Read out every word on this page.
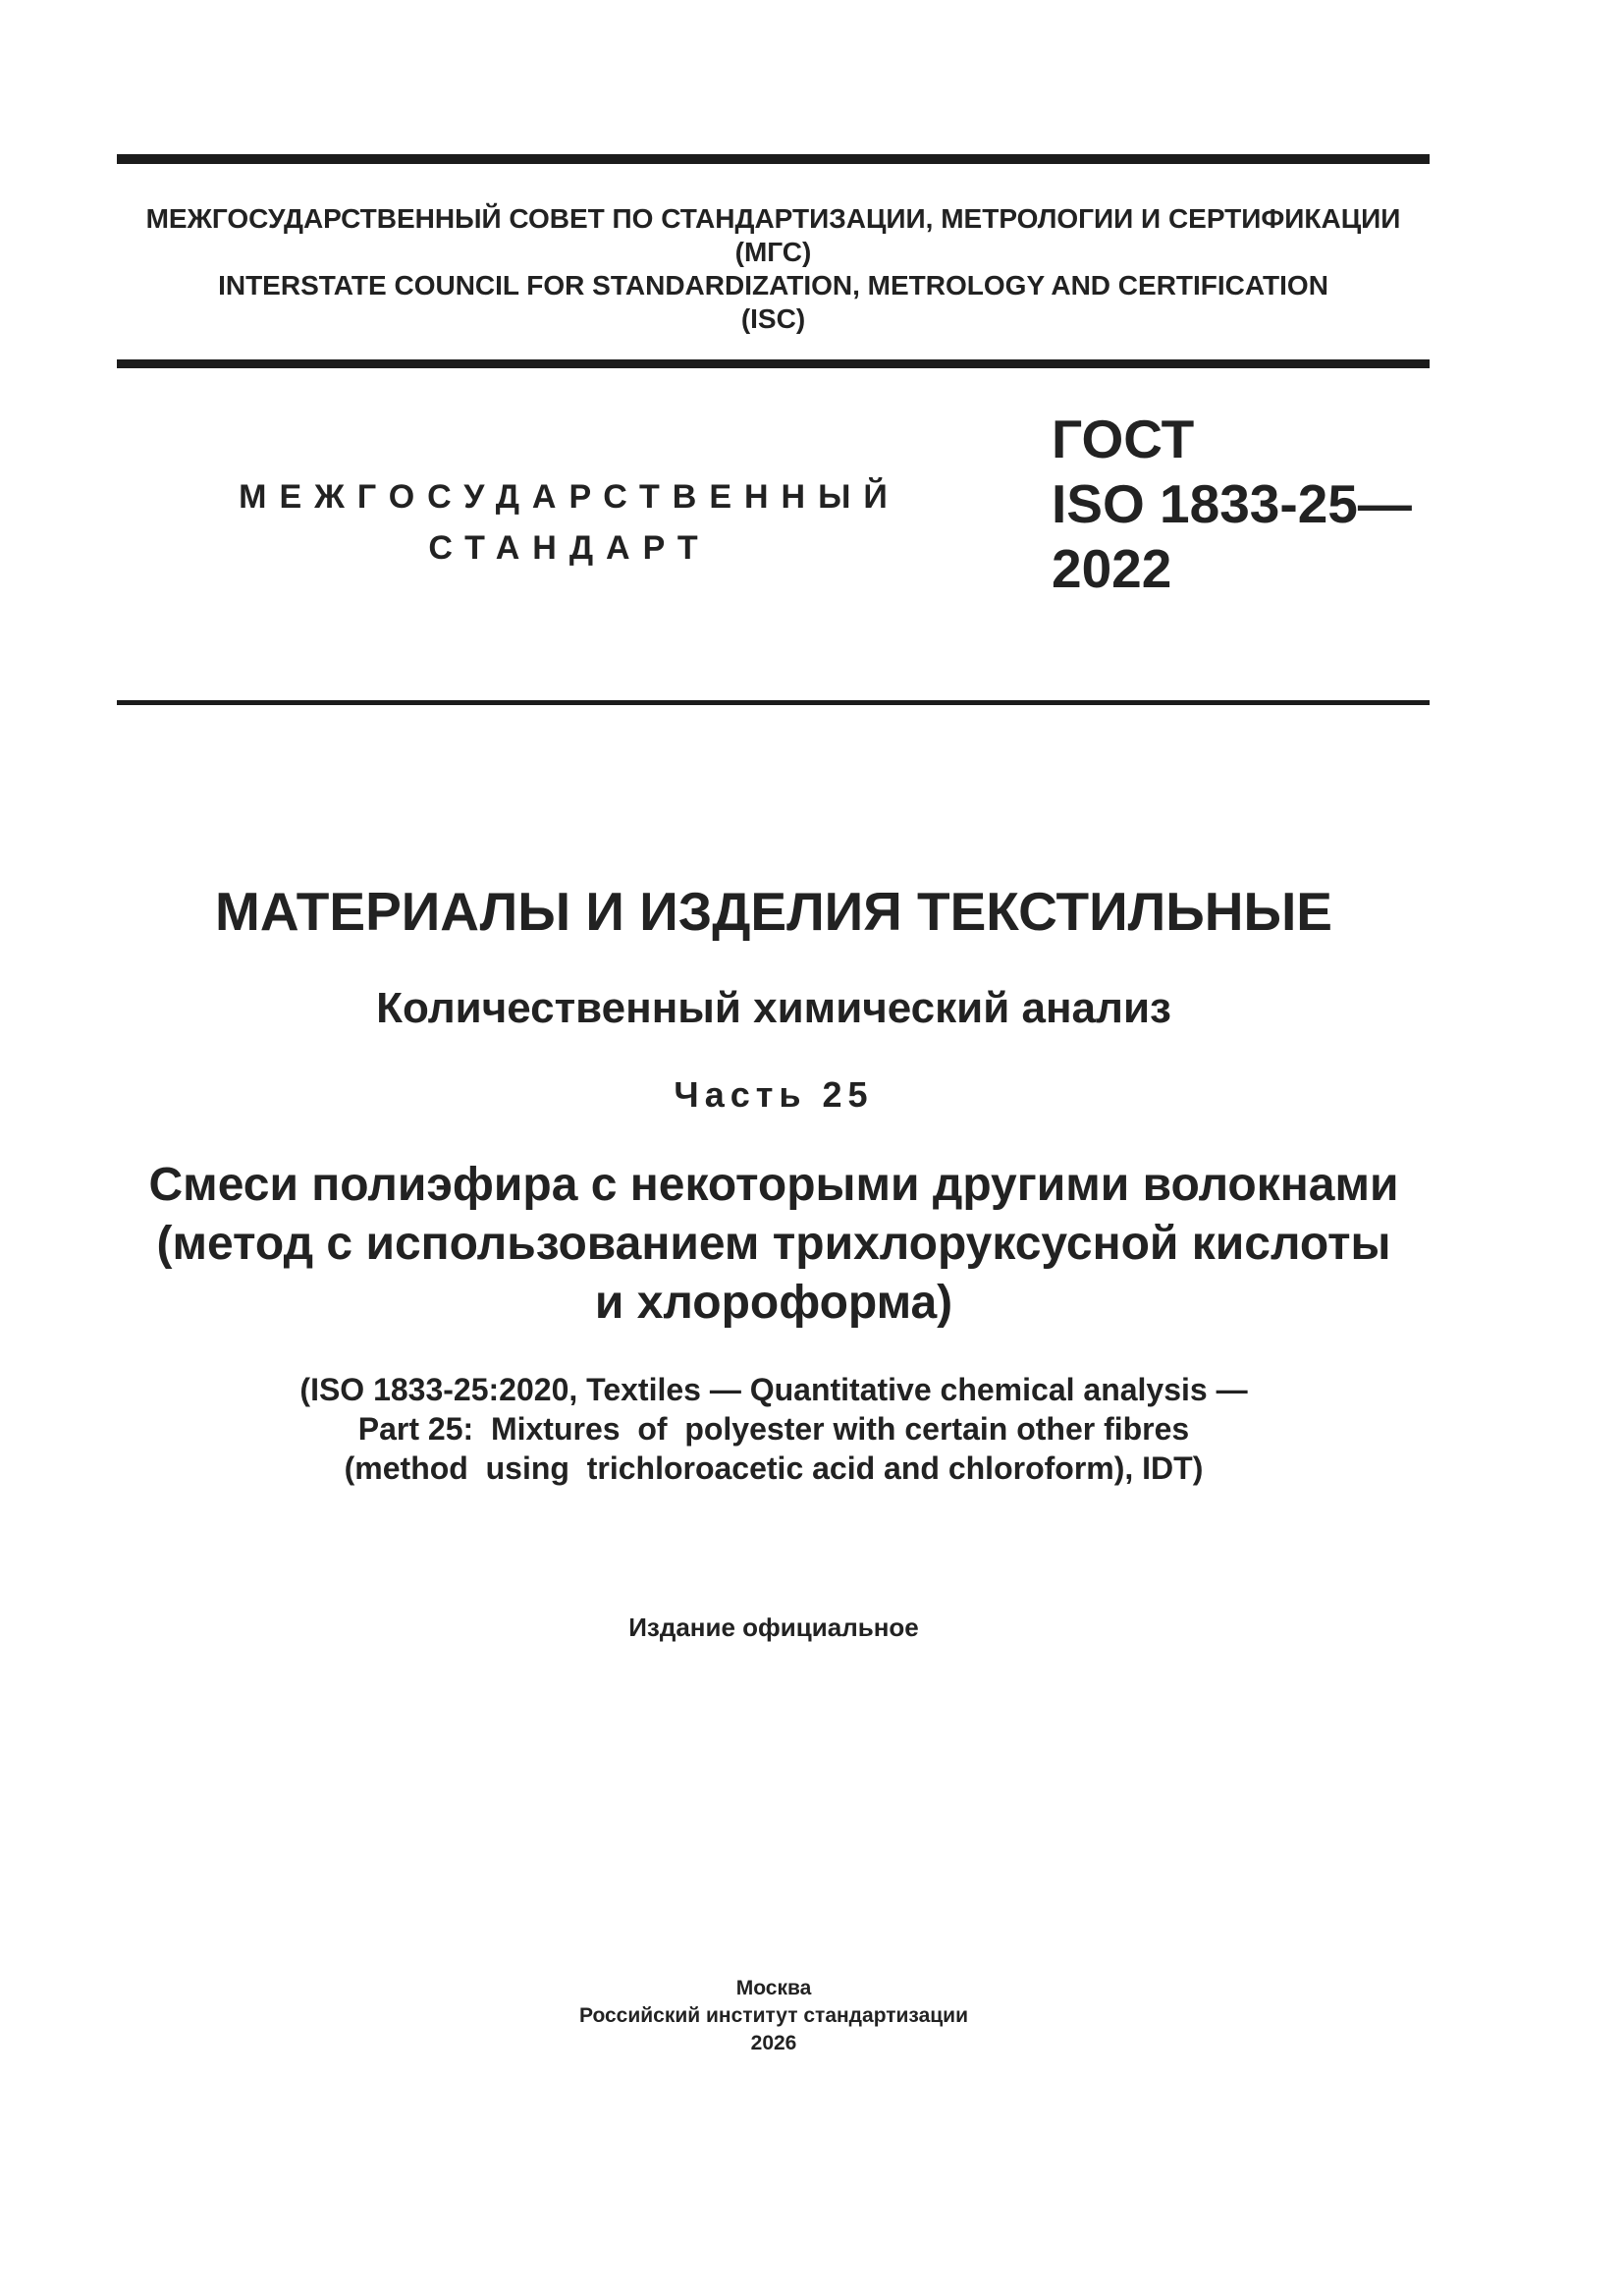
МЕЖГОСУДАРСТВЕННЫЙ СОВЕТ ПО СТАНДАРТИЗАЦИИ, МЕТРОЛОГИИ И СЕРТИФИКАЦИИ
(МГС)
INTERSTATE COUNCIL FOR STANDARDIZATION, METROLOGY AND CERTIFICATION
(ISC)
МЕЖГОСУДАРСТВЕННЫЙ
СТАНДАРТ
ГОСТ
ISO 1833-25—
2022
МАТЕРИАЛЫ И ИЗДЕЛИЯ ТЕКСТИЛЬНЫЕ
Количественный химический анализ
Часть 25
Смеси полиэфира с некоторыми другими волокнами
(метод с использованием трихлоруксусной кислоты
и хлороформа)
(ISO 1833-25:2020, Textiles — Quantitative chemical analysis —
Part 25:  Mixtures  of  polyester with certain other fibres
(method  using  trichloroacetic acid and chloroform), IDT)
Издание официальное
Москва
Российский институт стандартизации
2026
